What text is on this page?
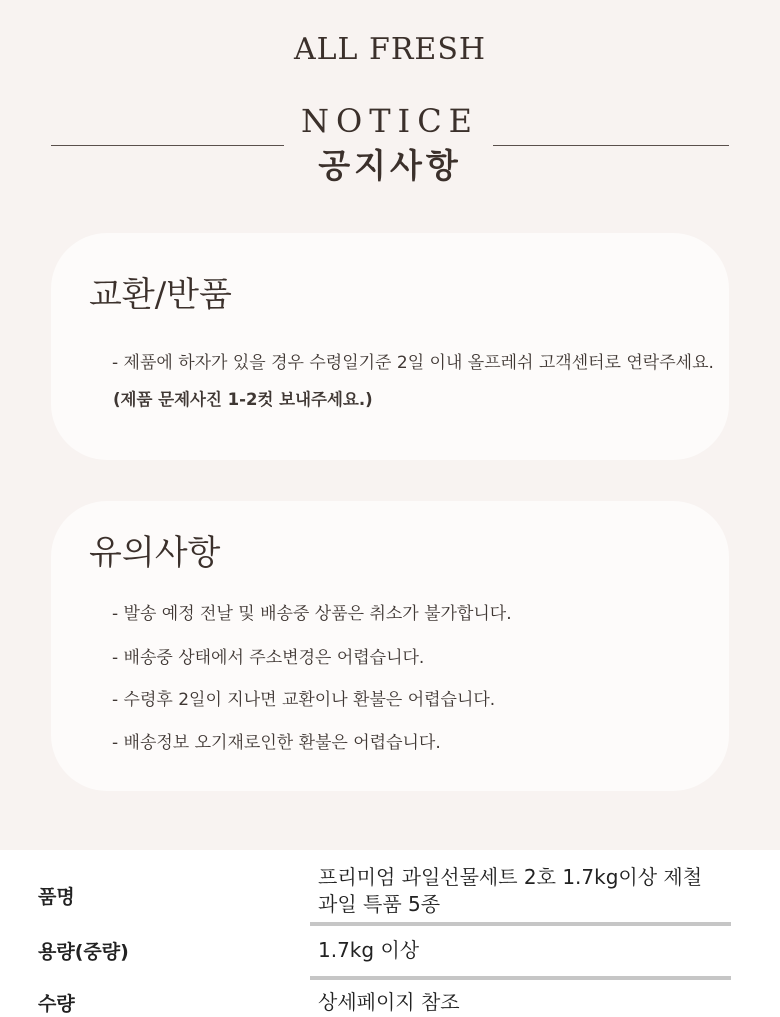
ALL FRESH
NOTICE
공지사항
교환/반품
- 제품에 하자가 있을 경우 수령일기준 2일 이내 올프레쉬 고객센터로 연락주세요.
(제품 문제사진 1-2컷 보내주세요.)
유의사항
- 발송 예정 전날 및 배송중 상품은 취소가 불가합니다.
- 배송중 상태에서 주소변경은 어렵습니다.
- 수령후 2일이 지나면 교환이나 환불은 어렵습니다.
- 배송정보 오기재로인한 환불은 어렵습니다.
품명
프리미엄 과일선물세트 2호 1.7kg이상 제철과일 특품 5종
용량(중량)	1.7kg 이상
수량	상세페이지 참조
